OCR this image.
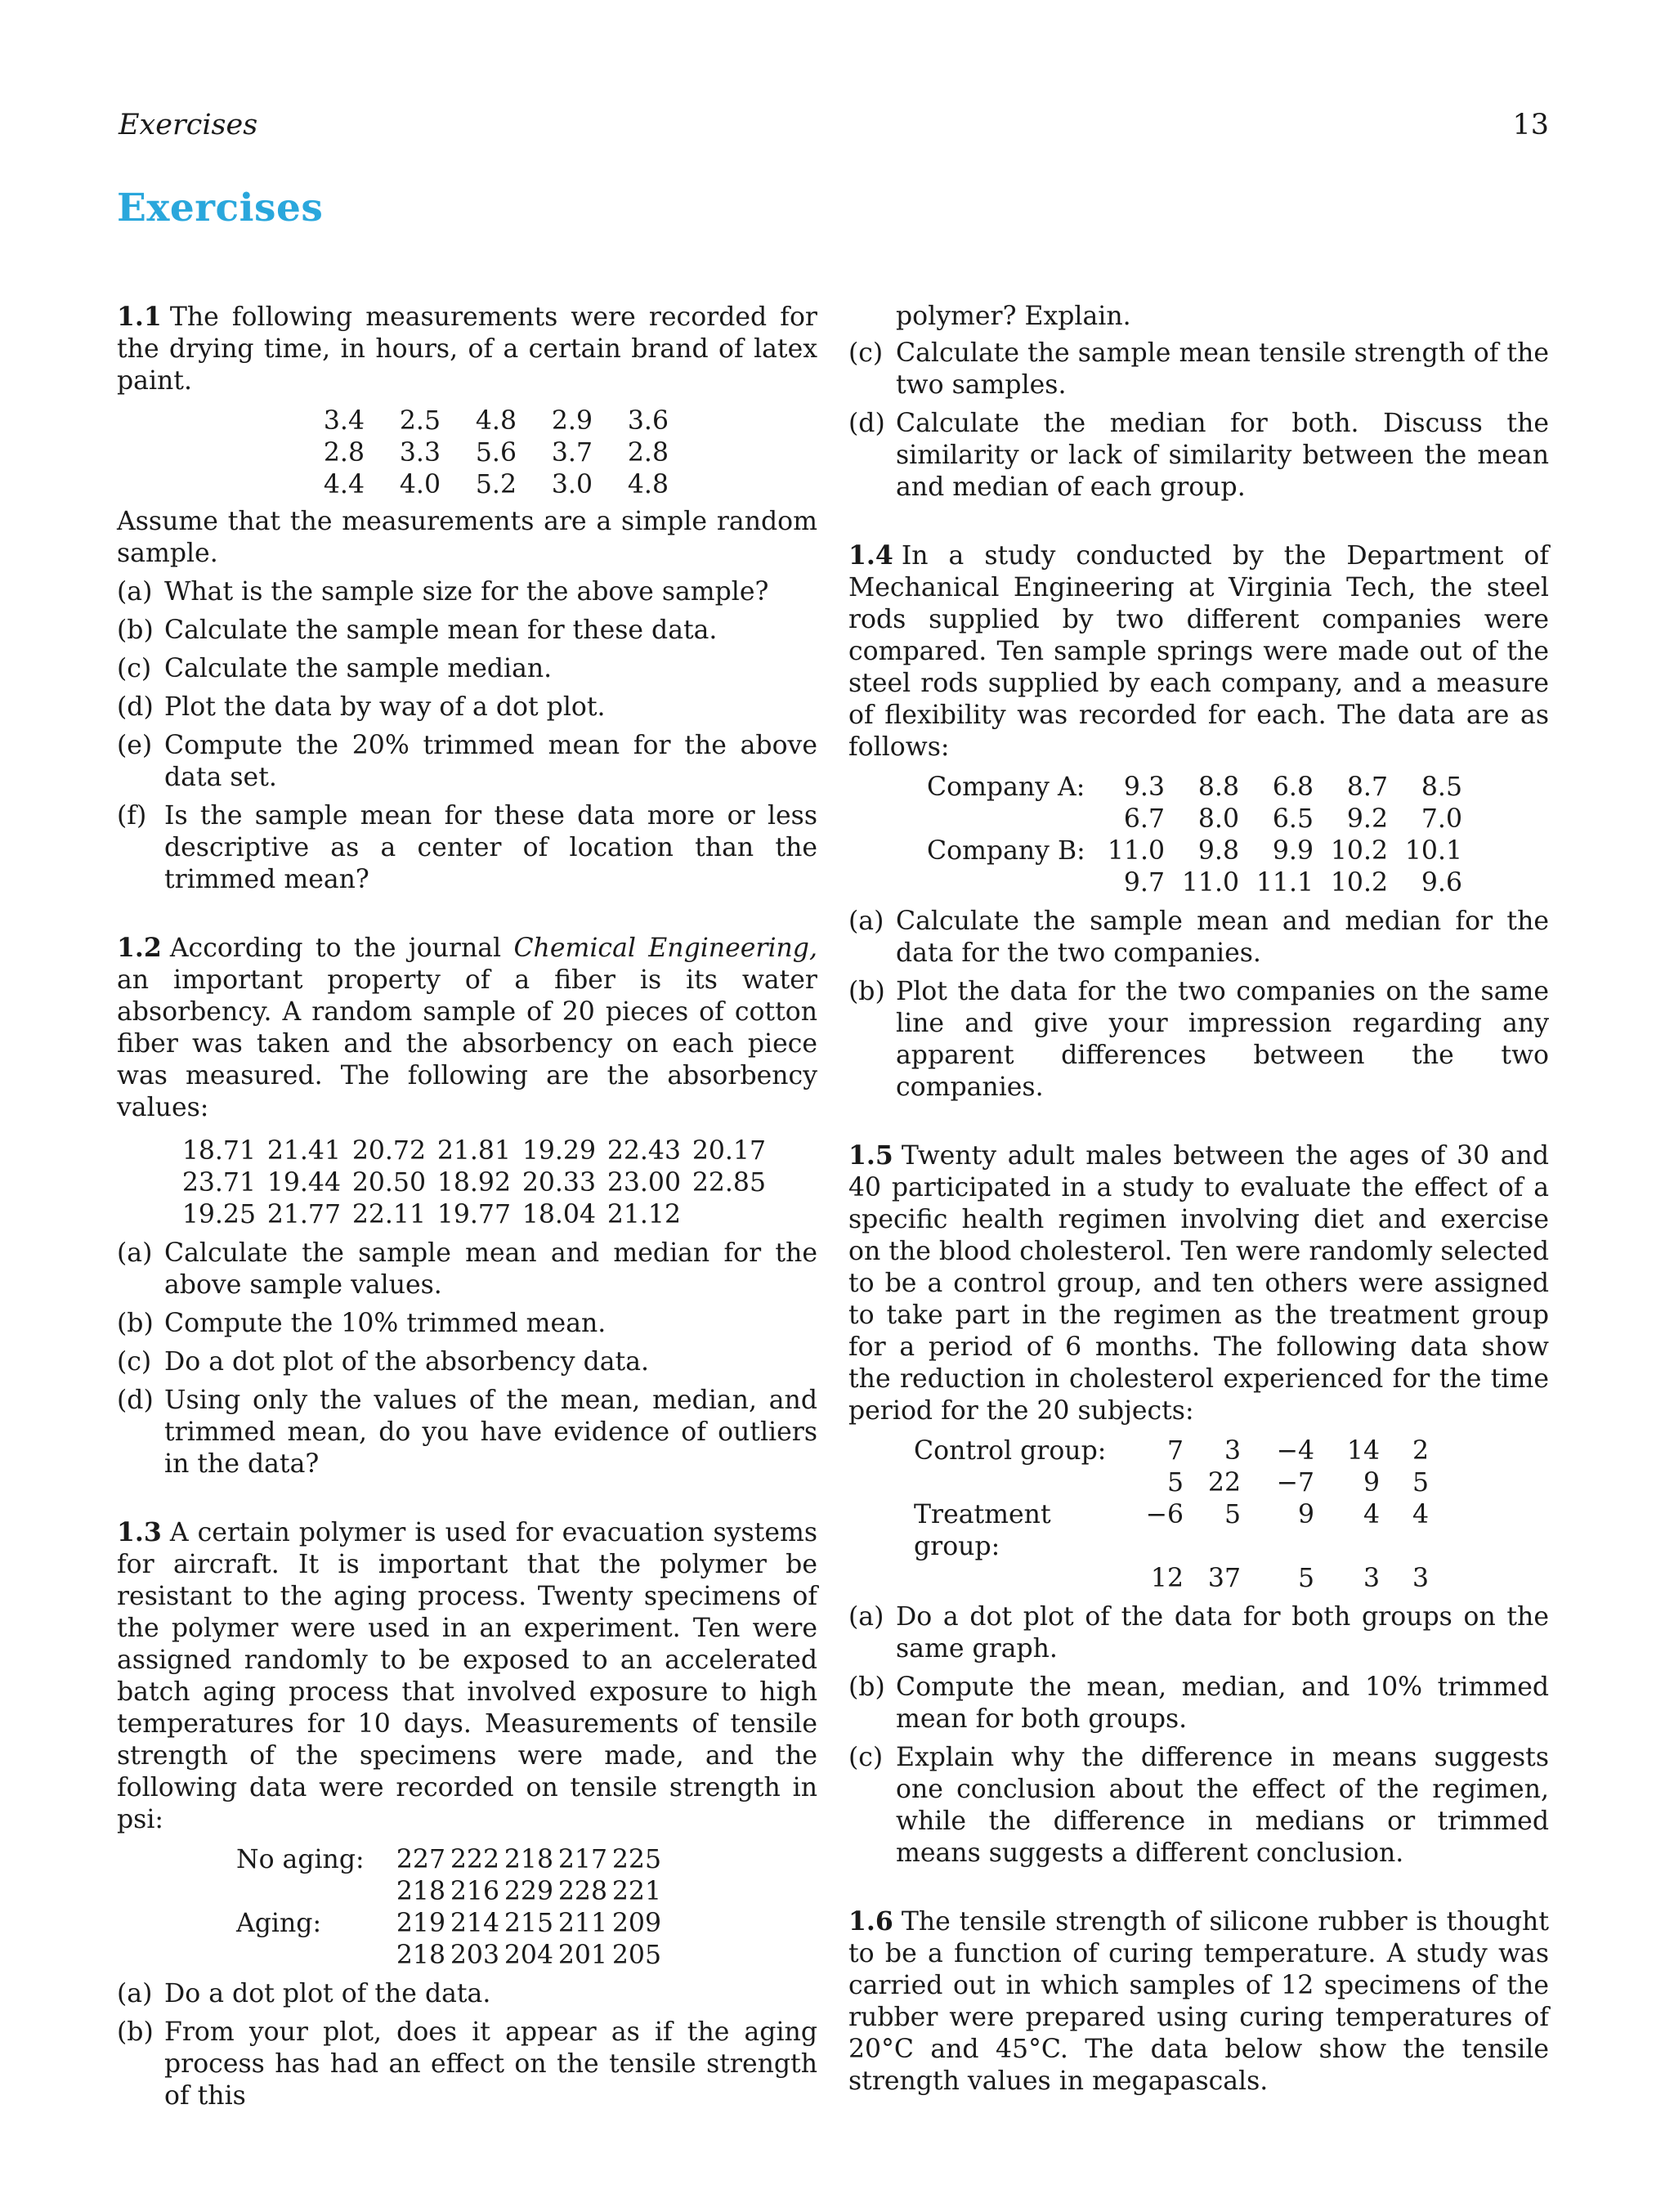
Exercises	13
Exercises

1.1 The following measurements were recorded for the drying time, in hours, of a certain brand of latex paint.

3.4	2.5	4.8	2.9	3.6
2.8	3.3	5.6	3.7	2.8
4.4	4.0	5.2	3.0	4.8

Assume that the measurements are a simple random sample.

(a) What is the sample size for the above sample?
(b) Calculate the sample mean for these data.
(c) Calculate the sample median.
(d) Plot the data by way of a dot plot.
(e) Compute the 20% trimmed mean for the above data set.
(f) Is the sample mean for these data more or less descriptive as a center of location than the trimmed mean?

1.2 According to the journal Chemical Engineering, an important property of a fiber is its water absorbency. A random sample of 20 pieces of cotton fiber was taken and the absorbency on each piece was measured. The following are the absorbency values:

18.71 21.41 20.72 21.81 19.29 22.43 20.17
23.71 19.44 20.50 18.92 20.33 23.00 22.85
19.25 21.77 22.11 19.77 18.04 21.12
(a) Calculate the sample mean and median for the above sample values.
(b) Compute the 10% trimmed mean.
(c) Do a dot plot of the absorbency data.
(d) Using only the values of the mean, median, and trimmed mean, do you have evidence of outliers in the data?

1.3 A certain polymer is used for evacuation systems for aircraft. It is important that the polymer be resistant to the aging process. Twenty specimens of the polymer were used in an experiment. Ten were assigned randomly to be exposed to an accelerated batch aging process that involved exposure to high temperatures for 10 days. Measurements of tensile strength of the specimens were made, and the following data were recorded on tensile strength in psi:

No aging:	227 222 218 217 225
218 216 229 228 221
Aging:	219 214 215 211 209
218 203 204 201 205
(a) Do a dot plot of the data.
(b) From your plot, does it appear as if the aging process has had an effect on the tensile strength of this

polymer? Explain.

(c) Calculate the sample mean tensile strength of the two samples.
(d) Calculate the median for both. Discuss the similarity or lack of similarity between the mean and median of each group.

1.4 In a study conducted by the Department of Mechanical Engineering at Virginia Tech, the steel rods supplied by two different companies were compared. Ten sample springs were made out of the steel rods supplied by each company, and a measure of flexibility was recorded for each. The data are as follows:

Company A:	9.3	8.8	6.8	8.7	8.5
6.7	8.0	6.5	9.2	7.0
Company B: 11.0	9.8	9.9 10.2 10.1
9.7 11.0 11.1 10.2	9.6
(a) Calculate the sample mean and median for the data for the two companies.
(b) Plot the data for the two companies on the same line and give your impression regarding any apparent differences between the two companies.

1.5 Twenty adult males between the ages of 30 and 40 participated in a study to evaluate the effect of a specific health regimen involving diet and exercise on the blood cholesterol. Ten were randomly selected to be a control group, and ten others were assigned to take part in the regimen as the treatment group for a period of 6 months. The following data show the reduction in cholesterol experienced for the time period for the 20 subjects:

Control group:	7	3	−4	14	2
5 22	−7	9	5
Treatment group:
−6	5	9	4	4
12 37	5	3	3
(a) Do a dot plot of the data for both groups on the same graph.
(b) Compute the mean, median, and 10% trimmed mean for both groups.
(c) Explain why the difference in means suggests one conclusion about the effect of the regimen, while the difference in medians or trimmed means suggests a different conclusion.

1.6 The tensile strength of silicone rubber is thought to be a function of curing temperature. A study was carried out in which samples of 12 specimens of the rubber were prepared using curing temperatures of 20°C and 45°C. The data below show the tensile strength values in megapascals.
